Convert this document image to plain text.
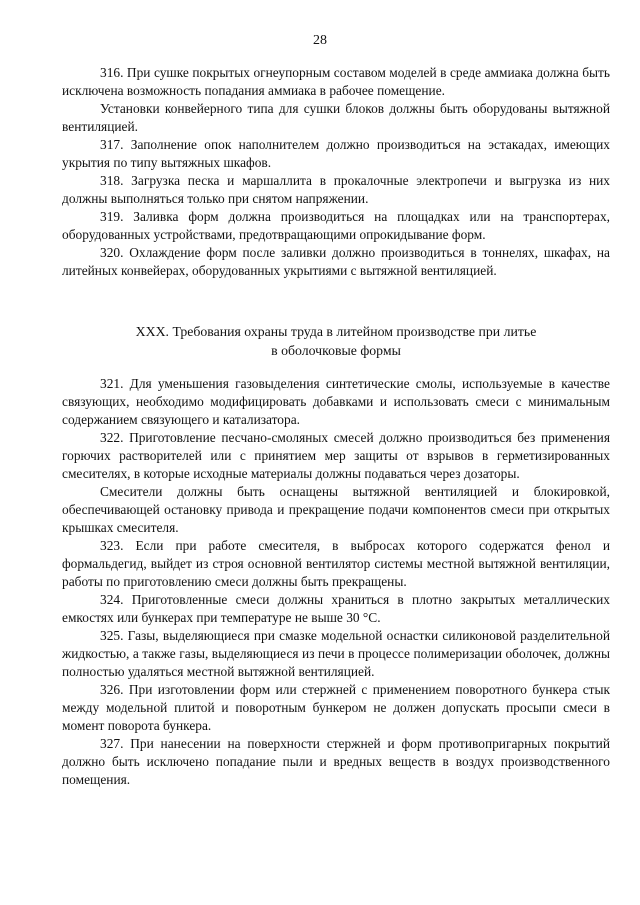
28

316. При сушке покрытых огнеупорным составом моделей в среде аммиака должна быть исключена возможность попадания аммиака в рабочее помещение.

Установки конвейерного типа для сушки блоков должны быть оборудованы вытяжной вентиляцией.

317. Заполнение опок наполнителем должно производиться на эстакадах, имеющих укрытия по типу вытяжных шкафов.

318. Загрузка песка и маршаллита в прокалочные электропечи и выгрузка из них должны выполняться только при снятом напряжении.

319. Заливка форм должна производиться на площадках или на транспортерах, оборудованных устройствами, предотвращающими опрокидывание форм.

320. Охлаждение форм после заливки должно производиться в тоннелях, шкафах, на литейных конвейерах, оборудованных укрытиями с вытяжной вентиляцией.

XXX. Требования охраны труда в литейном производстве при литье
в оболочковые формы

321. Для уменьшения газовыделения синтетические смолы, используемые в качестве связующих, необходимо модифицировать добавками и использовать смеси с минимальным содержанием связующего и катализатора.

322. Приготовление песчано-смоляных смесей должно производиться без применения горючих растворителей или с принятием мер защиты от взрывов в герметизированных смесителях, в которые исходные материалы должны подаваться через дозаторы.

Смесители должны быть оснащены вытяжной вентиляцией и блокировкой, обеспечивающей остановку привода и прекращение подачи компонентов смеси при открытых крышках смесителя.

323. Если при работе смесителя, в выбросах которого содержатся фенол и формальдегид, выйдет из строя основной вентилятор системы местной вытяжной вентиляции, работы по приготовлению смеси должны быть прекращены.

324. Приготовленные смеси должны храниться в плотно закрытых металлических емкостях или бункерах при температуре не выше 30 °С.

325. Газы, выделяющиеся при смазке модельной оснастки силиконовой разделительной жидкостью, а также газы, выделяющиеся из печи в процессе полимеризации оболочек, должны полностью удаляться местной вытяжной вентиляцией.

326. При изготовлении форм или стержней с применением поворотного бункера стык между модельной плитой и поворотным бункером не должен допускать просыпи смеси в момент поворота бункера.

327. При нанесении на поверхности стержней и форм противопригарных покрытий должно быть исключено попадание пыли и вредных веществ в воздух производственного помещения.
